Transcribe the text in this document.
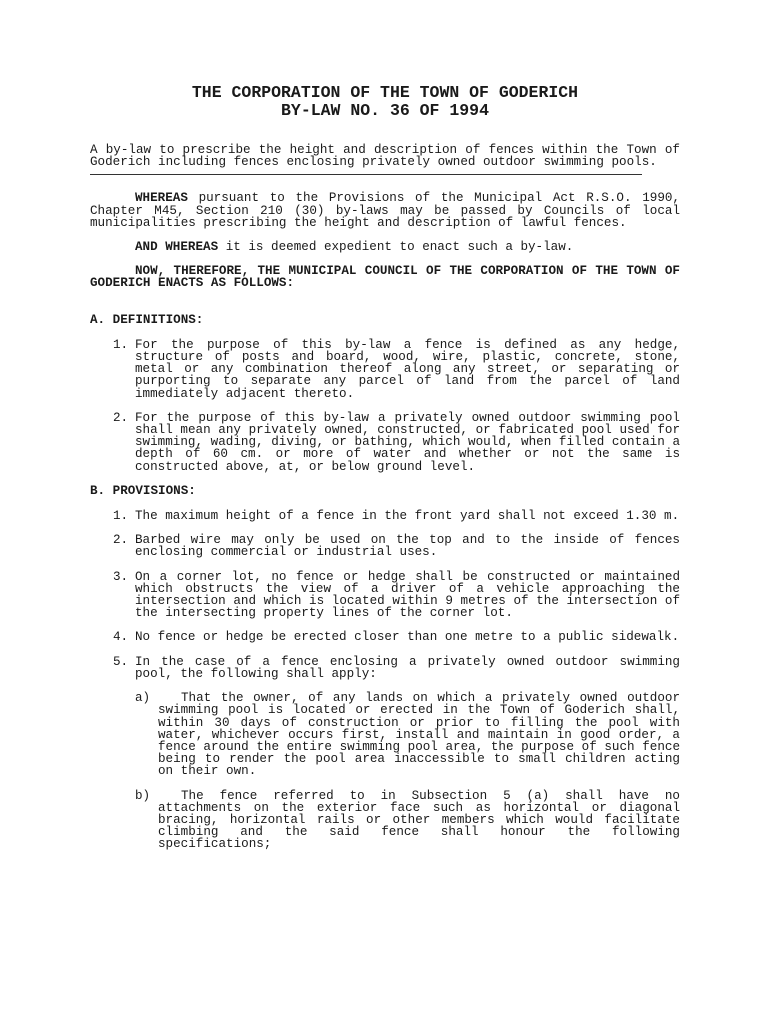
THE CORPORATION OF THE TOWN OF GODERICH
BY-LAW NO. 36 OF 1994

A by-law to prescribe the height and description of fences within the Town of Goderich including fences enclosing privately owned outdoor swimming pools.

WHEREAS pursuant to the Provisions of the Municipal Act R.S.O. 1990, Chapter M45, Section 210 (30) by-laws may be passed by Councils of local municipalities prescribing the height and description of lawful fences.

AND WHEREAS it is deemed expedient to enact such a by-law.

NOW, THEREFORE, THE MUNICIPAL COUNCIL OF THE CORPORATION OF THE TOWN OF GODERICH ENACTS AS FOLLOWS:

A. DEFINITIONS:
1. For the purpose of this by-law a fence is defined as any hedge, structure of posts and board, wood, wire, plastic, concrete, stone, metal or any combination thereof along any street, or separating or purporting to separate any parcel of land from the parcel of land immediately adjacent thereto.

2. For the purpose of this by-law a privately owned outdoor swimming pool shall mean any privately owned, constructed, or fabricated pool used for swimming, wading, diving, or bathing, which would, when filled contain a depth of 60 cm. or more of water and whether or not the same is constructed above, at, or below ground level.

B. PROVISIONS:
1. The maximum height of a fence in the front yard shall not exceed 1.30 m.

2. Barbed wire may only be used on the top and to the inside of fences enclosing commercial or industrial uses.

3. On a corner lot, no fence or hedge shall be constructed or maintained which obstructs the view of a driver of a vehicle approaching the intersection and which is located within 9 metres of the intersection of the intersecting property lines of the corner lot.

4. No fence or hedge be erected closer than one metre to a public sidewalk.

5. In the case of a fence enclosing a privately owned outdoor swimming pool, the following shall apply:

a)	That the owner, of any lands on which a privately owned outdoor swimming pool is located or erected in the Town of Goderich shall, within 30 days of construction or prior to filling the pool with water, whichever occurs first, install and maintain in good order, a fence around the entire swimming pool area, the purpose of such fence being to render the pool area inaccessible to small children acting on their own.

b)	The fence referred to in Subsection 5 (a) shall have no attachments on the exterior face such as horizontal or diagonal bracing, horizontal rails or other members which would facilitate climbing and the said fence shall honour the following specifications;
